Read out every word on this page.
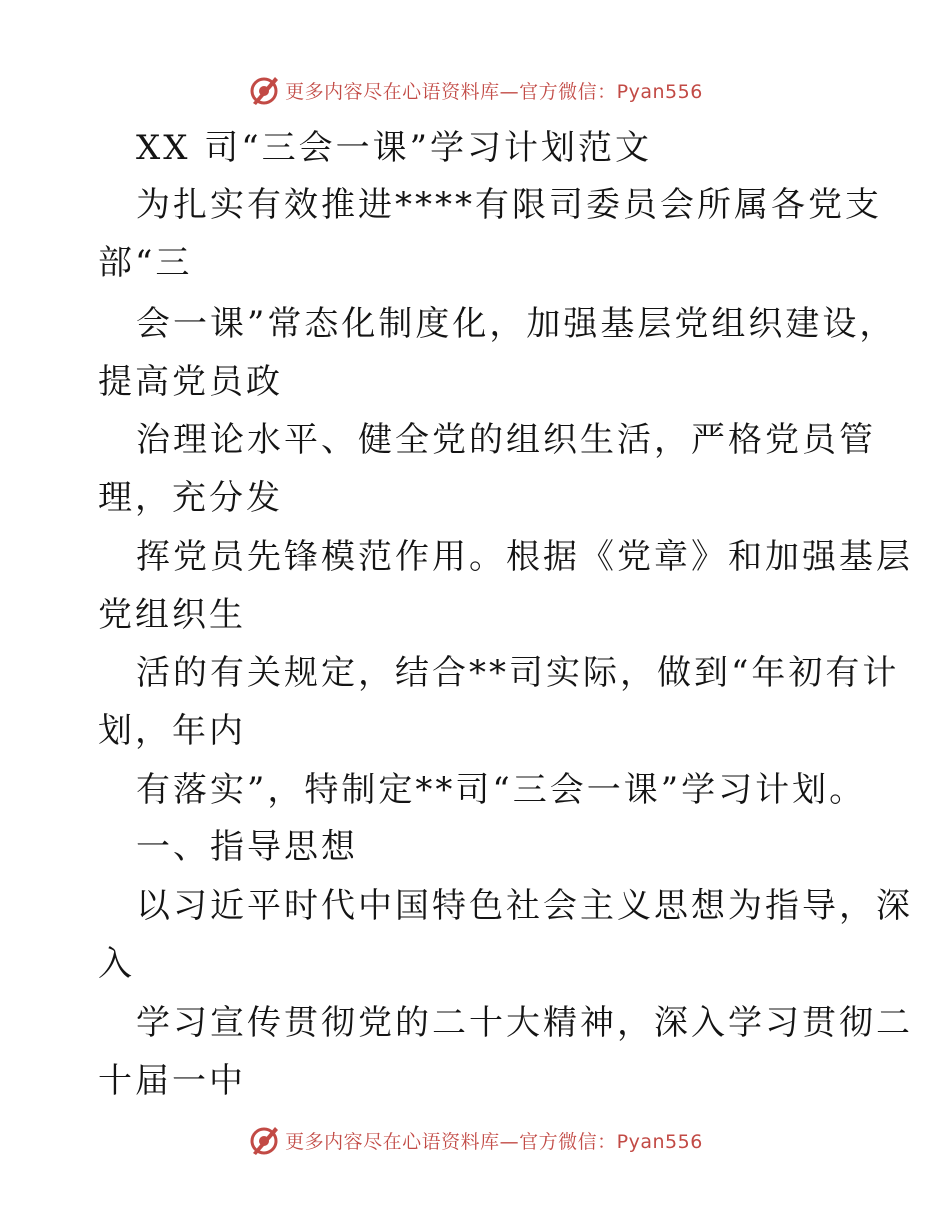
更多内容尽在心语资料库—官方微信：Pyan556
XX 司“三会一课”学习计划范文
为扎实有效推进****有限司委员会所属各党支
部“三
会一课”常态化制度化，加强基层党组织建设，
提高党员政
治理论水平、健全党的组织生活，严格党员管
理，充分发
挥党员先锋模范作用。根据《党章》和加强基层
党组织生
活的有关规定，结合**司实际，做到“年初有计
划，年内
有落实”，特制定**司“三会一课”学习计划。
一、指导思想
以习近平时代中国特色社会主义思想为指导，深
入
学习宣传贯彻党的二十大精神，深入学习贯彻二
十届一中
更多内容尽在心语资料库—官方微信：Pyan556
